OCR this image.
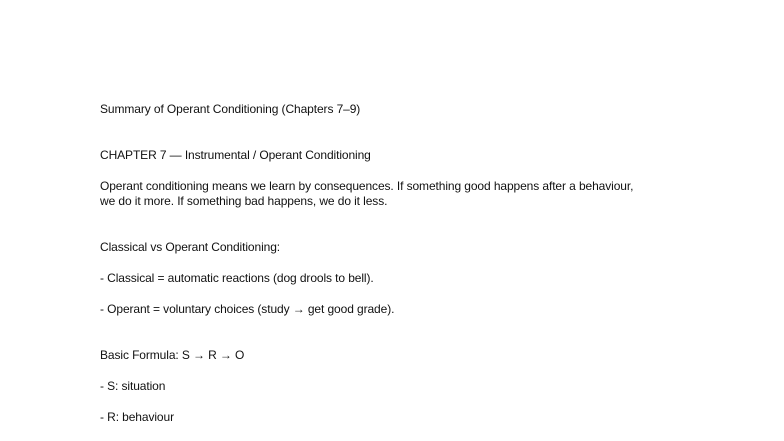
Summary of Operant Conditioning (Chapters 7–9)
CHAPTER 7 — Instrumental / Operant Conditioning
Operant conditioning means we learn by consequences. If something good happens after a behaviour,
we do it more. If something bad happens, we do it less.
Classical vs Operant Conditioning:
- Classical = automatic reactions (dog drools to bell).
- Operant = voluntary choices (study → get good grade).
Basic Formula: S → R → O
- S: situation
- R: behaviour
